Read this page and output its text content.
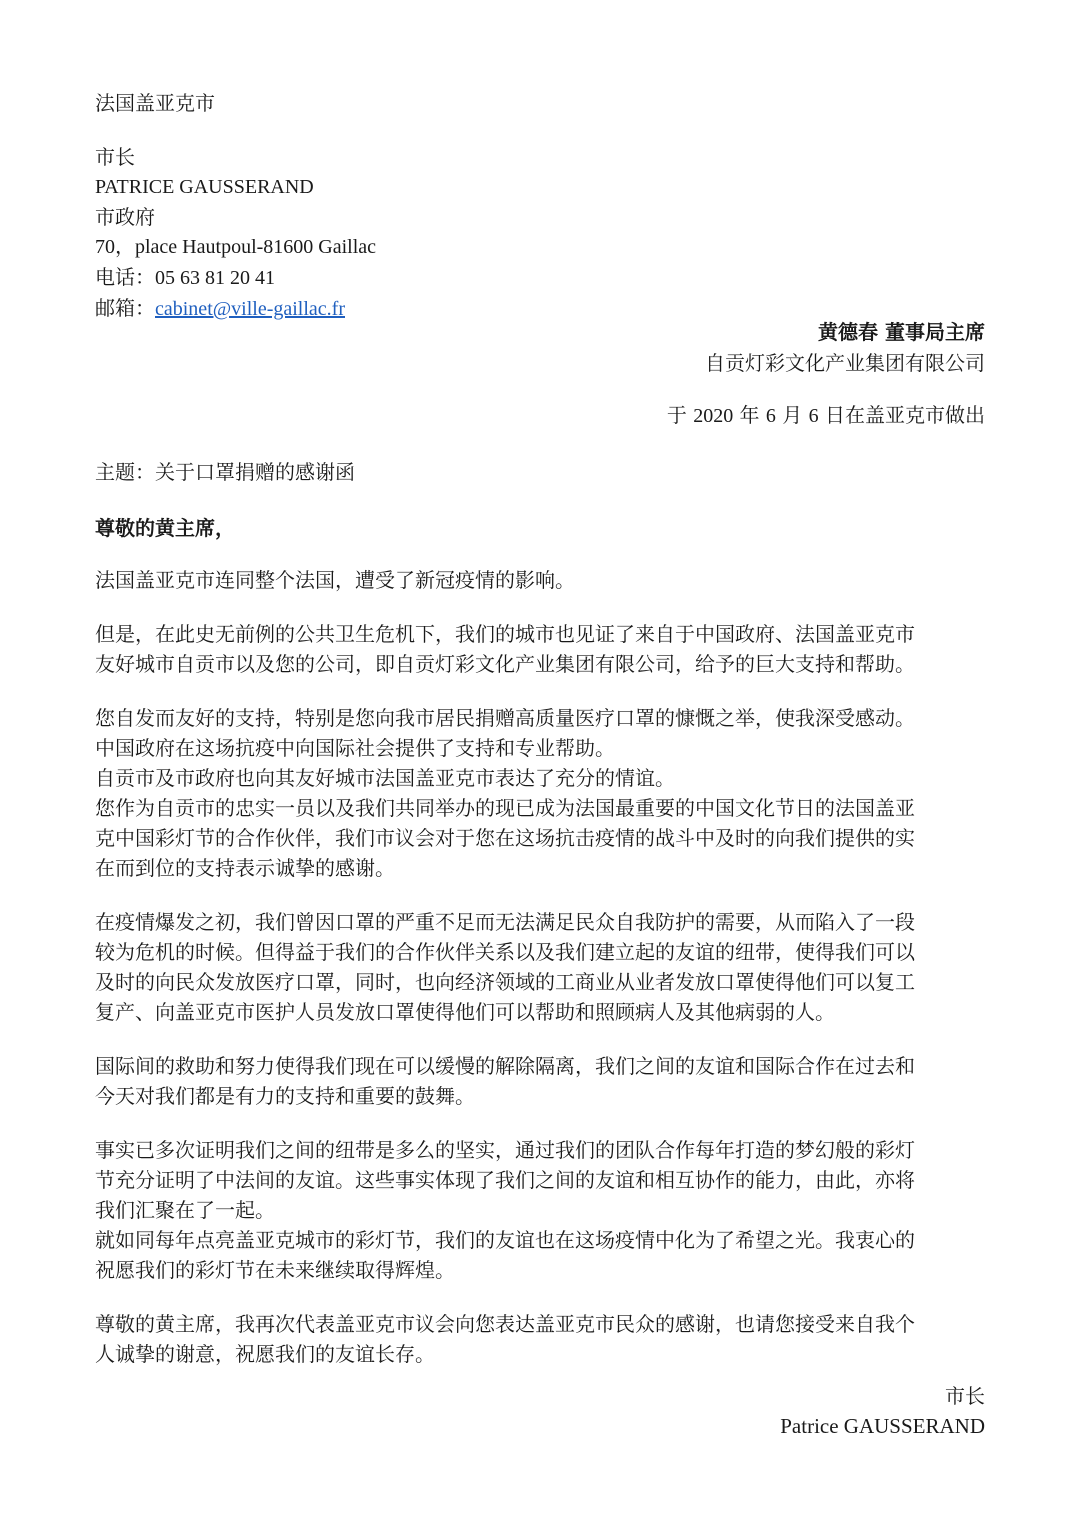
法国盖亚克市
市长
PATRICE GAUSSERAND
市政府
70，place Hautpoul-81600 Gaillac
电话：05 63 81 20 41
邮箱：cabinet@ville-gaillac.fr
黄德春 董事局主席
自贡灯彩文化产业集团有限公司
于 2020 年 6 月 6 日在盖亚克市做出
主题：关于口罩捐赠的感谢函
尊敬的黄主席，

法国盖亚克市连同整个法国，遭受了新冠疫情的影响。

但是，在此史无前例的公共卫生危机下，我们的城市也见证了来自于中国政府、法国盖亚克市
友好城市自贡市以及您的公司，即自贡灯彩文化产业集团有限公司，给予的巨大支持和帮助。

您自发而友好的支持，特别是您向我市居民捐赠高质量医疗口罩的慷慨之举，使我深受感动。
中国政府在这场抗疫中向国际社会提供了支持和专业帮助。
自贡市及市政府也向其友好城市法国盖亚克市表达了充分的情谊。
您作为自贡市的忠实一员以及我们共同举办的现已成为法国最重要的中国文化节日的法国盖亚
克中国彩灯节的合作伙伴，我们市议会对于您在这场抗击疫情的战斗中及时的向我们提供的实
在而到位的支持表示诚挚的感谢。

在疫情爆发之初，我们曾因口罩的严重不足而无法满足民众自我防护的需要，从而陷入了一段
较为危机的时候。但得益于我们的合作伙伴关系以及我们建立起的友谊的纽带，使得我们可以
及时的向民众发放医疗口罩，同时，也向经济领域的工商业从业者发放口罩使得他们可以复工
复产、向盖亚克市医护人员发放口罩使得他们可以帮助和照顾病人及其他病弱的人。

国际间的救助和努力使得我们现在可以缓慢的解除隔离，我们之间的友谊和国际合作在过去和
今天对我们都是有力的支持和重要的鼓舞。

事实已多次证明我们之间的纽带是多么的坚实，通过我们的团队合作每年打造的梦幻般的彩灯
节充分证明了中法间的友谊。这些事实体现了我们之间的友谊和相互协作的能力，由此，亦将
我们汇聚在了一起。
就如同每年点亮盖亚克城市的彩灯节，我们的友谊也在这场疫情中化为了希望之光。我衷心的
祝愿我们的彩灯节在未来继续取得辉煌。

尊敬的黄主席，我再次代表盖亚克市议会向您表达盖亚克市民众的感谢，也请您接受来自我个
人诚挚的谢意，祝愿我们的友谊长存。

市长
Patrice GAUSSERAND
